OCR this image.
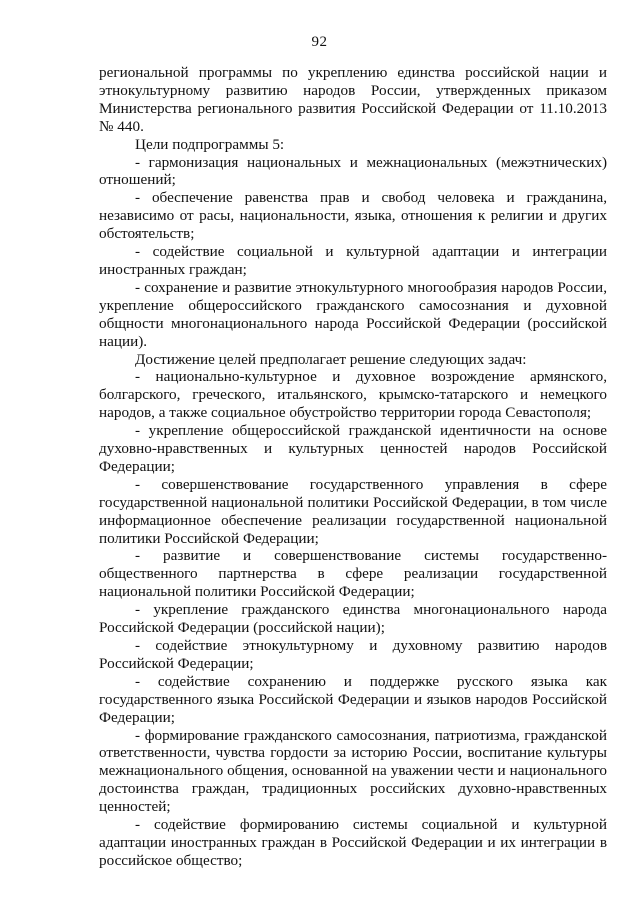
92

региональной программы по укреплению единства российской нации и этнокультурному развитию народов России, утвержденных приказом Министерства регионального развития Российской Федерации от 11.10.2013 № 440.

Цели подпрограммы 5:

- гармонизация национальных и межнациональных (межэтнических) отношений;

- обеспечение равенства прав и свобод человека и гражданина, независимо от расы, национальности, языка, отношения к религии и других обстоятельств;

- содействие социальной и культурной адаптации и интеграции иностранных граждан;

- сохранение и развитие этнокультурного многообразия народов России, укрепление общероссийского гражданского самосознания и духовной общности многонационального народа Российской Федерации (российской нации).

Достижение целей предполагает решение следующих задач:

- национально-культурное и духовное возрождение армянского, болгарского, греческого, итальянского, крымско-татарского и немецкого народов, а также социальное обустройство территории города Севастополя;

- укрепление общероссийской гражданской идентичности на основе духовно-нравственных и культурных ценностей народов Российской Федерации;

- совершенствование государственного управления в сфере государственной национальной политики Российской Федерации, в том числе информационное обеспечение реализации государственной национальной политики Российской Федерации;

- развитие и совершенствование системы государственно-общественного партнерства в сфере реализации государственной национальной политики Российской Федерации;

- укрепление гражданского единства многонационального народа Российской Федерации (российской нации);

- содействие этнокультурному и духовному развитию народов Российской Федерации;

- содействие сохранению и поддержке русского языка как государственного языка Российской Федерации и языков народов Российской Федерации;

- формирование гражданского самосознания, патриотизма, гражданской ответственности, чувства гордости за историю России, воспитание культуры межнационального общения, основанной на уважении чести и национального достоинства граждан, традиционных российских духовно-нравственных ценностей;

- содействие формированию системы социальной и культурной адаптации иностранных граждан в Российской Федерации и их интеграции в российское общество;
